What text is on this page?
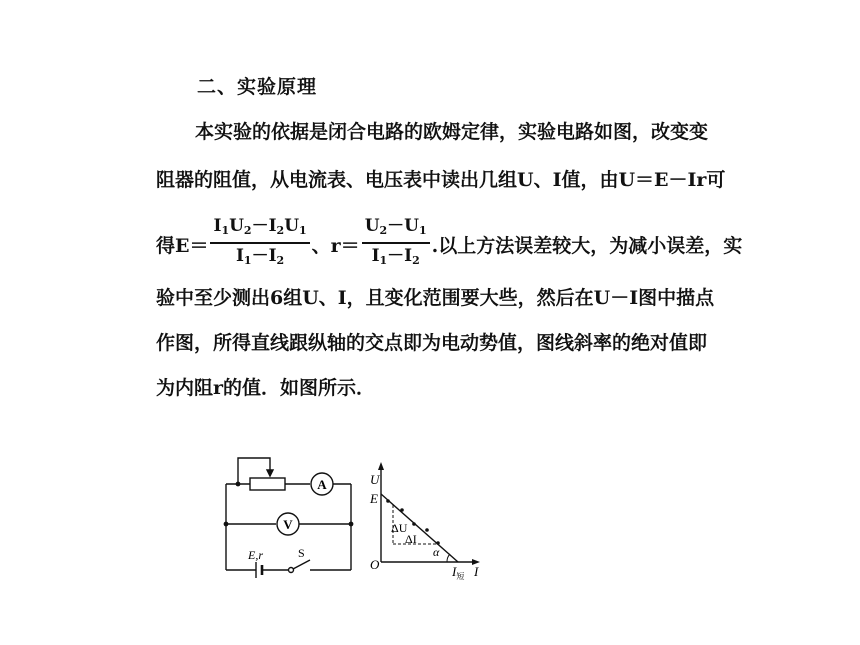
二、实验原理
本实验的依据是闭合电路的欧姆定律，实验电路如图，改变变
阻器的阻值，从电流表、电压表中读出几组U、I值，由U＝E－Ir可
得$E= \frac{I_1U_2-I_2U_1}{I_1-I_2}$ 、$r= \frac{U_2-U_1}{I_1-I_2}$ .以上方法误差较大，为减小误差，实
验中至少测出6组U、I，且变化范围要大些，然后在U－I图中描点
作图，所得直线跟纵轴的交点即为电动势值，图线斜率的绝对值即
为内阻r的值．如图所示．
A
V
E,r	S
U
E
O
ΔU
ΔI
α
$I_短$ I
